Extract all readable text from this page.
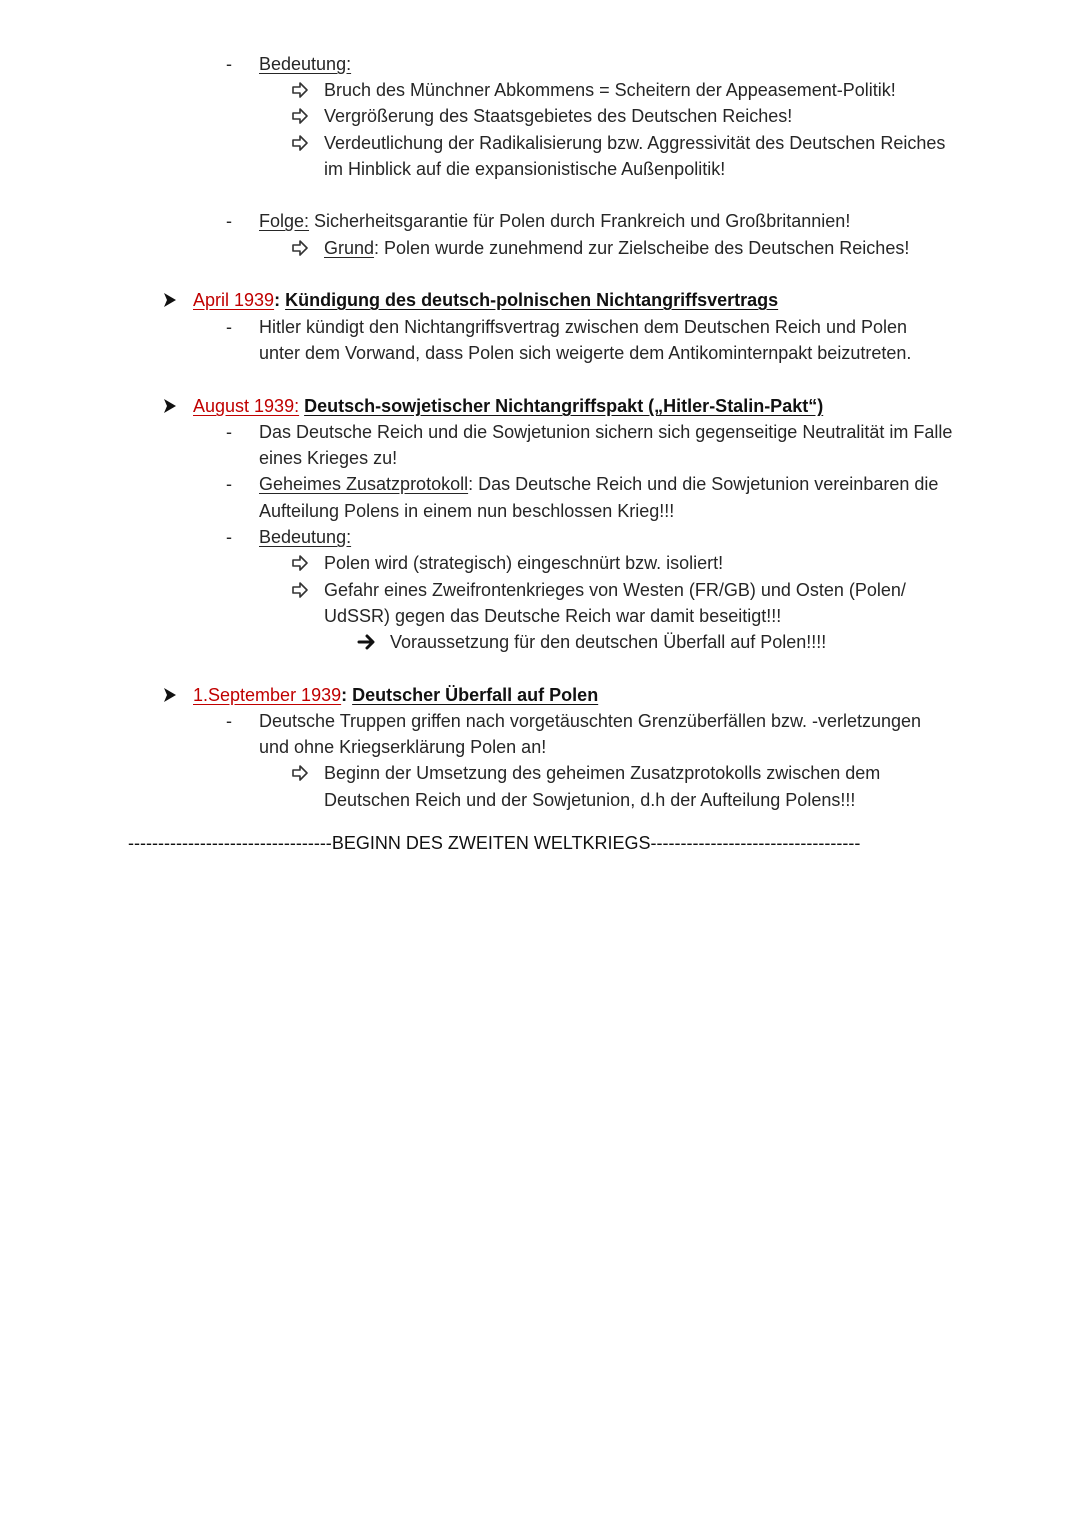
- Bedeutung:
Bruch des Münchner Abkommens = Scheitern der Appeasement-Politik!
Vergrößerung des Staatsgebietes des Deutschen Reiches!
Verdeutlichung der Radikalisierung bzw. Aggressivität des Deutschen Reiches
im Hinblick auf die expansionistische Außenpolitik!
- Folge: Sicherheitsgarantie für Polen durch Frankreich und Großbritannien!
Grund: Polen wurde zunehmend zur Zielscheibe des Deutschen Reiches!
April 1939: Kündigung des deutsch-polnischen Nichtangriffsvertrags
- Hitler kündigt den Nichtangriffsvertrag zwischen dem Deutschen Reich und Polen
unter dem Vorwand, dass Polen sich weigerte dem Antikominternpakt beizutreten.
August 1939: Deutsch-sowjetischer Nichtangriffspakt („Hitler-Stalin-Pakt“)
- Das Deutsche Reich und die Sowjetunion sichern sich gegenseitige Neutralität im Falle
eines Krieges zu!
- Geheimes Zusatzprotokoll: Das Deutsche Reich und die Sowjetunion vereinbaren die
Aufteilung Polens in einem nun beschlossen Krieg!!!
- Bedeutung:
Polen wird (strategisch) eingeschnürt bzw. isoliert!
Gefahr eines Zweifrontenkrieges von Westen (FR/GB) und Osten (Polen/
UdSSR) gegen das Deutsche Reich war damit beseitigt!!!
Voraussetzung für den deutschen Überfall auf Polen!!!!
1.September 1939: Deutscher Überfall auf Polen
- Deutsche Truppen griffen nach vorgetäuschten Grenzüberfällen bzw. -verletzungen
und ohne Kriegserklärung Polen an!
Beginn der Umsetzung des geheimen Zusatzprotokolls zwischen dem
Deutschen Reich und der Sowjetunion, d.h der Aufteilung Polens!!!
----------------------------------BEGINN DES ZWEITEN WELTKRIEGS-----------------------------------
